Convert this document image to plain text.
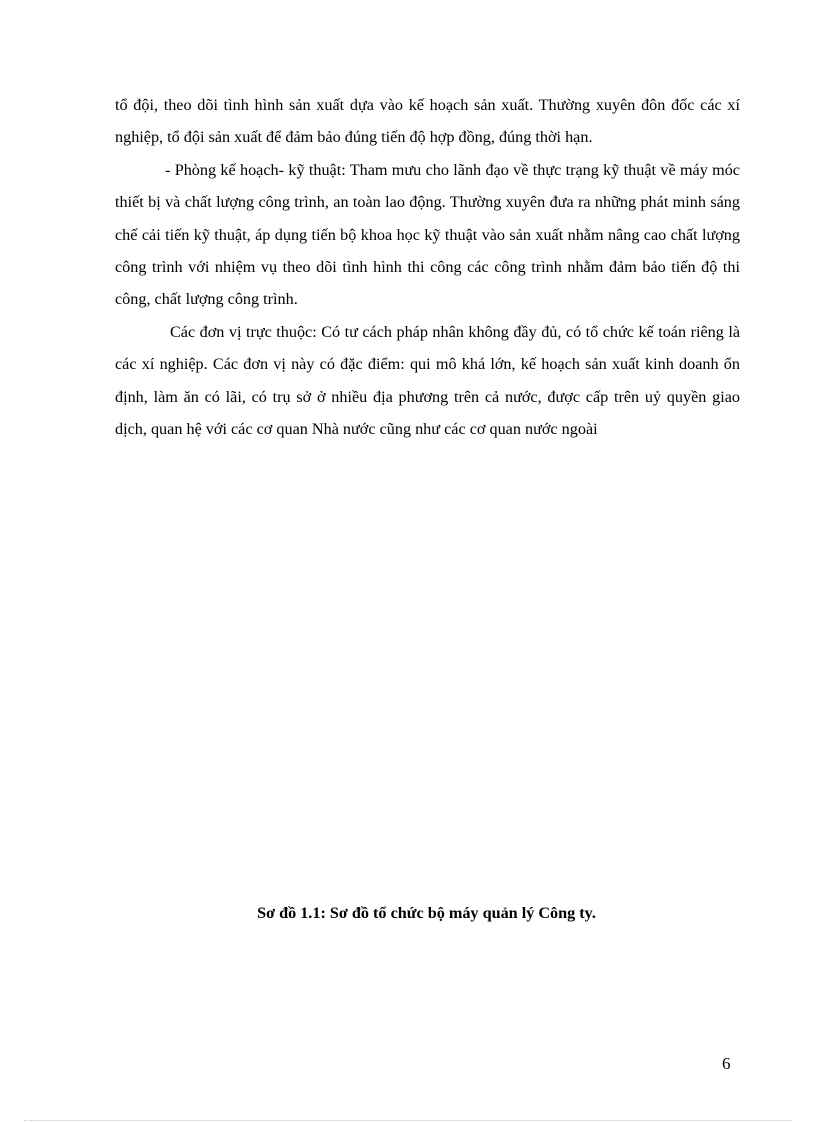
tổ đội, theo dõi tình hình sản xuất dựa vào kế hoạch sản xuất. Thường xuyên đôn đốc các xí nghiệp, tổ đội sản xuất để đảm bảo đúng tiến độ hợp đồng, đúng thời hạn.

- Phòng kế hoạch- kỹ thuật: Tham mưu cho lãnh đạo về thực trạng kỹ thuật về máy móc thiết bị và chất lượng công trình, an toàn lao động. Thường xuyên đưa ra những phát minh sáng chế cải tiến kỹ thuật, áp dụng tiến bộ khoa học kỹ thuật vào sản xuất nhằm nâng cao chất lượng công trình với nhiệm vụ theo dõi tình hình thi công các công trình nhằm đảm bảo tiến độ thi công, chất lượng công trình.

Các đơn vị trực thuộc: Có tư cách pháp nhân không đầy đủ, có tổ chức kế toán riêng là các xí nghiệp. Các đơn vị này có đặc điểm: qui mô khá lớn, kế hoạch sản xuất kinh doanh ổn định, làm ăn có lãi, có trụ sở ở nhiều địa phương trên cả nước, được cấp trên uỷ quyền giao dịch, quan hệ với các cơ quan Nhà nước cũng như các cơ quan nước ngoài

Sơ đồ 1.1: Sơ đồ tổ chức bộ máy quản lý Công ty.
6
